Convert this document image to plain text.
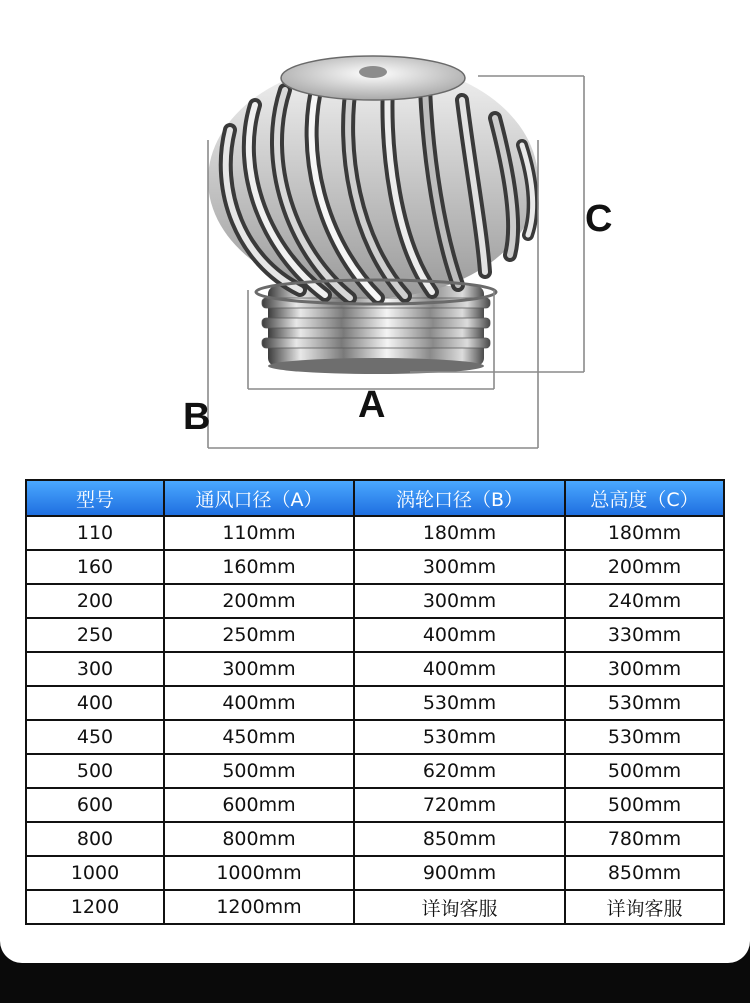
C
A
B
型号	通风口径（A）	涡轮口径（B）	总高度（C）
110	110mm	180mm	180mm
160	160mm	300mm	200mm
200	200mm	300mm	240mm
250	250mm	400mm	330mm
300	300mm	400mm	300mm
400	400mm	530mm	530mm
450	450mm	530mm	530mm
500	500mm	620mm	500mm
600	600mm	720mm	500mm
800	800mm	850mm	780mm
1000	1000mm	900mm	850mm
1200	1200mm	详询客服	详询客服
